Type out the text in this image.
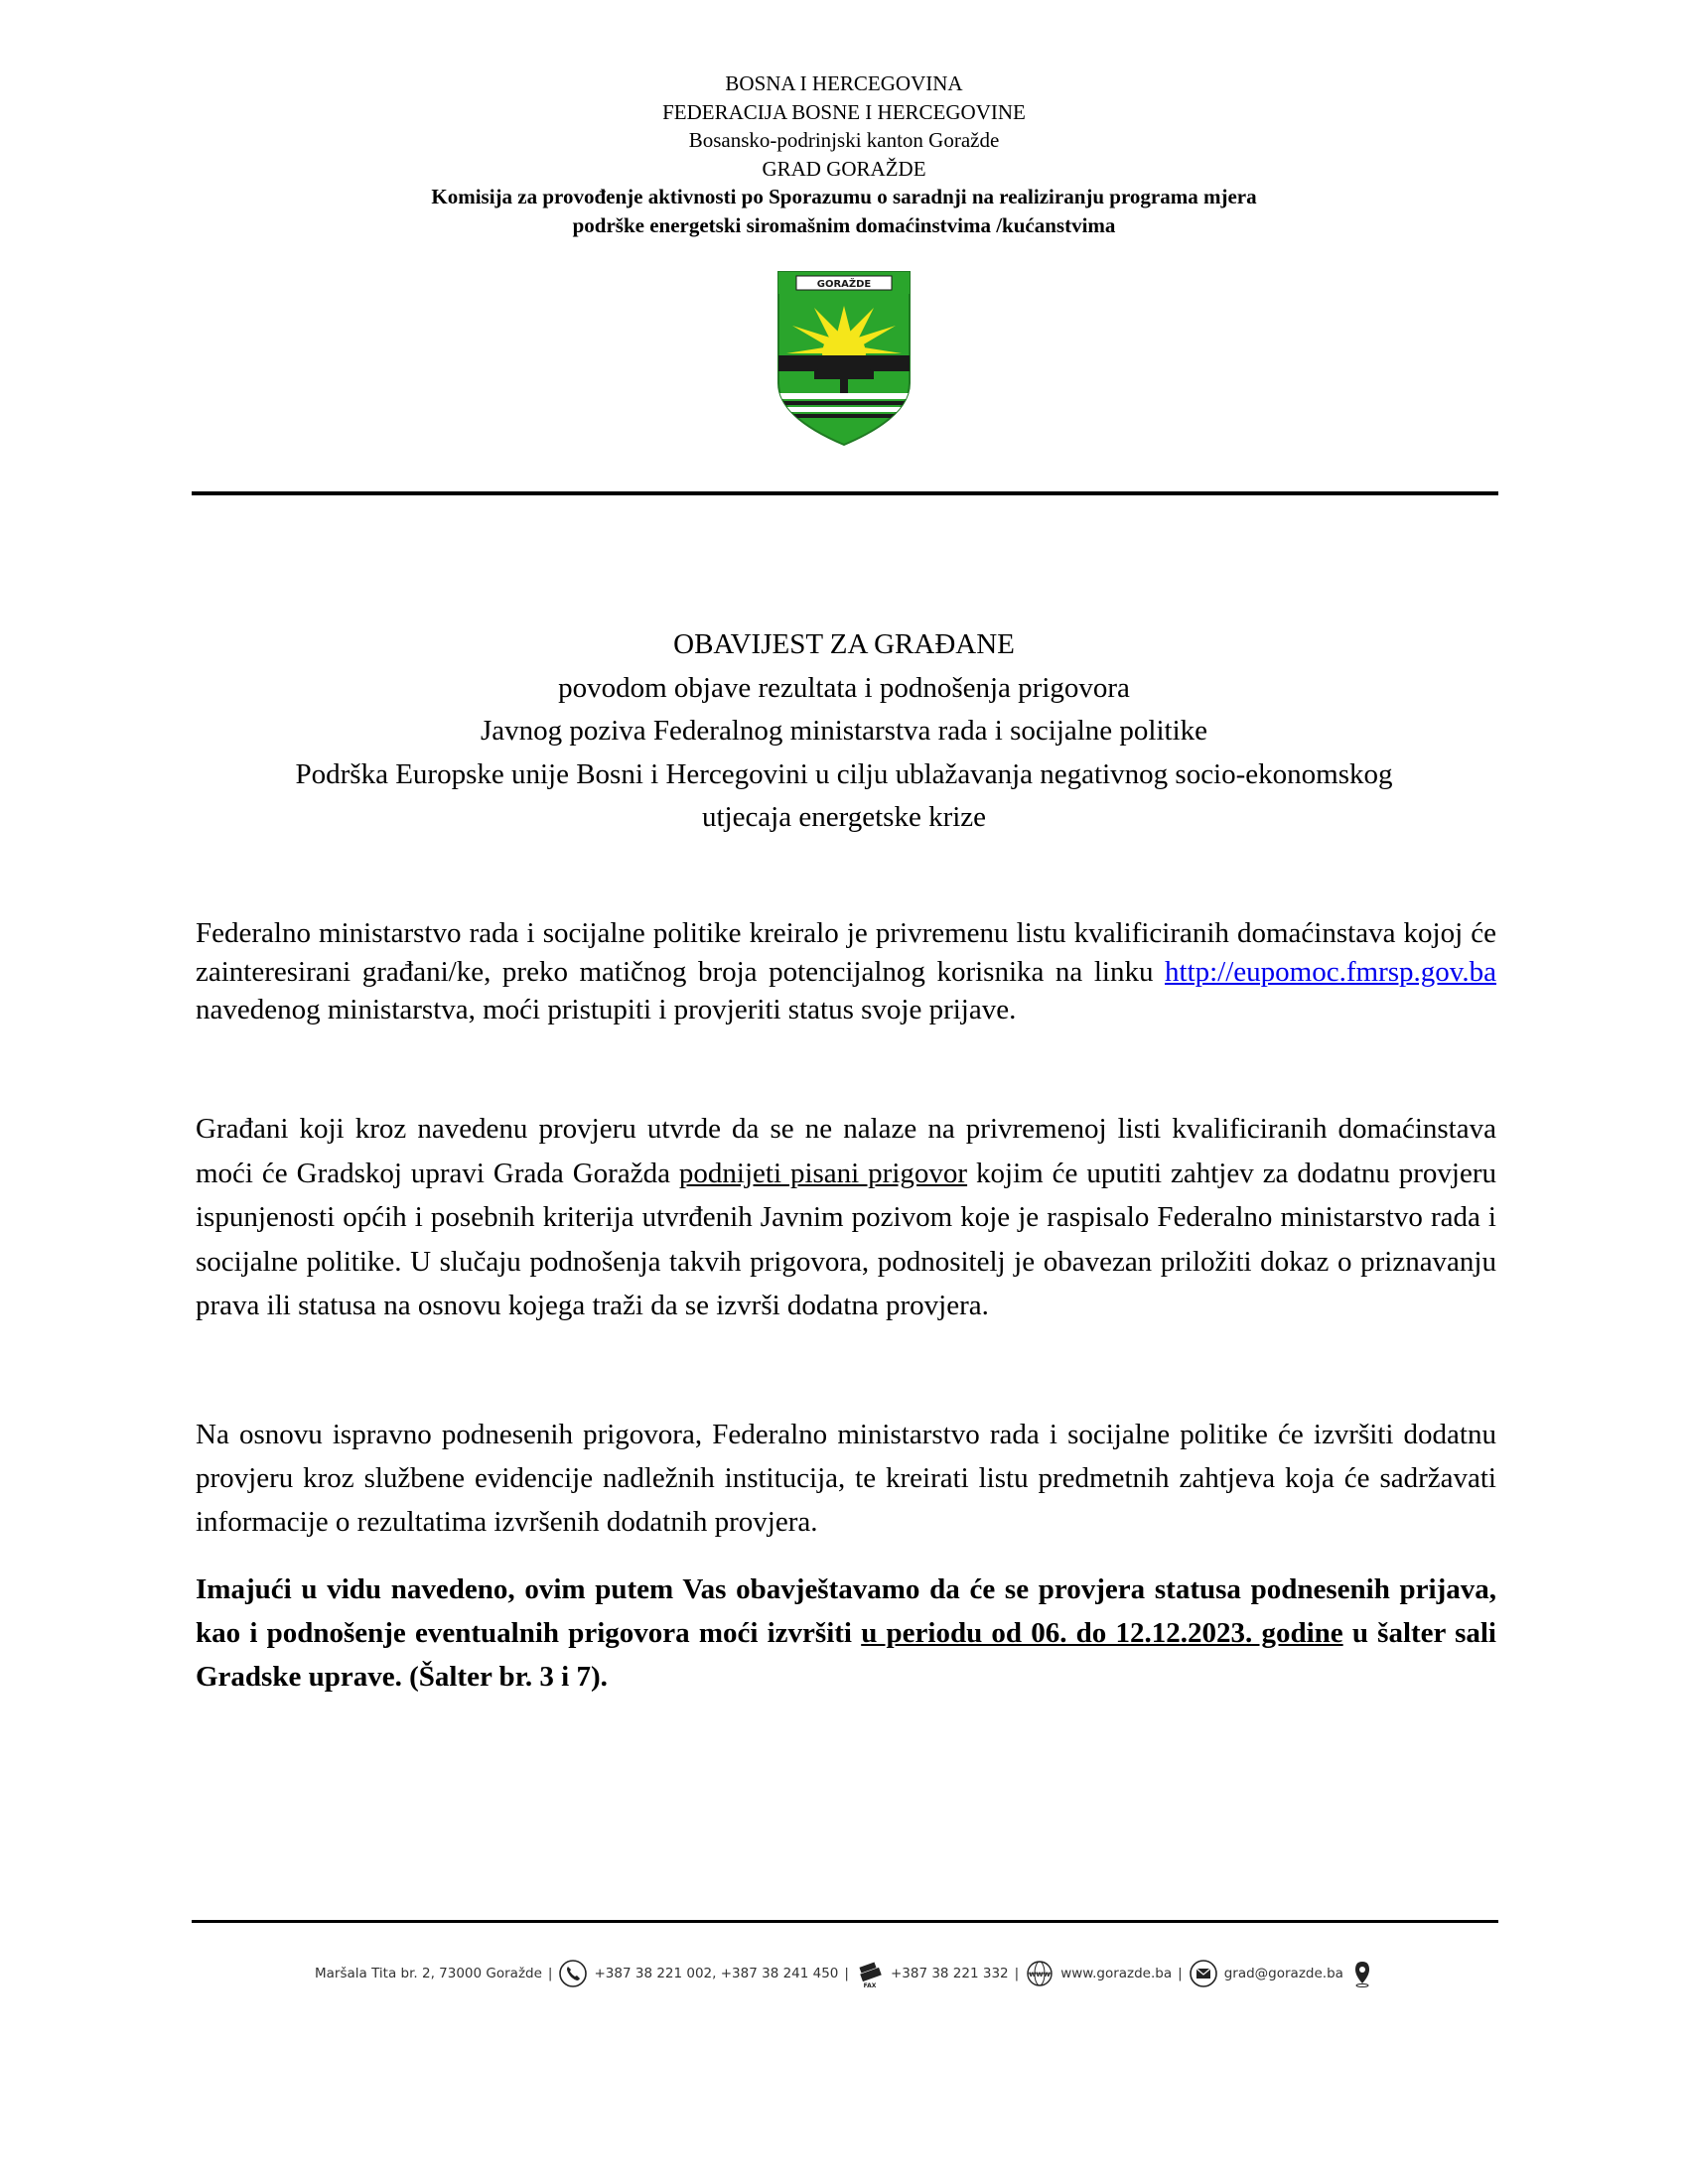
BOSNA I HERCEGOVINA
FEDERACIJA BOSNE I HERCEGOVINE
Bosansko-podrinjski kanton Goražde
GRAD GORAŽDE
Komisija za provođenje aktivnosti po Sporazumu o saradnji na realiziranju programa mjera
podrške energetski siromašnim domaćinstvima /kućanstvima
GORAŽDE
OBAVIJEST ZA GRAĐANE
povodom objave rezultata i podnošenja prigovora
Javnog poziva Federalnog ministarstva rada i socijalne politike
Podrška Europske unije Bosni i Hercegovini u cilju ublažavanja negativnog socio-ekonomskog
utjecaja energetske krize

Federalno ministarstvo rada i socijalne politike kreiralo je privremenu listu kvalificiranih domaćinstava kojoj će zainteresirani građani/ke, preko matičnog broja potencijalnog korisnika na linku http://eupomoc.fmrsp.gov.ba navedenog ministarstva, moći pristupiti i provjeriti status svoje prijave.

Građani koji kroz navedenu provjeru utvrde da se ne nalaze na privremenoj listi kvalificiranih domaćinstava moći će Gradskoj upravi Grada Goražda podnijeti pisani prigovor kojim će uputiti zahtjev za dodatnu provjeru ispunjenosti općih i posebnih kriterija utvrđenih Javnim pozivom koje je raspisalo Federalno ministarstvo rada i socijalne politike. U slučaju podnošenja takvih prigovora, podnositelj je obavezan priložiti dokaz o priznavanju prava ili statusa na osnovu kojega traži da se izvrši dodatna provjera.

Na osnovu ispravno podnesenih prigovora, Federalno ministarstvo rada i socijalne politike će izvršiti dodatnu provjeru kroz službene evidencije nadležnih institucija, te kreirati listu predmetnih zahtjeva koja će sadržavati informacije o rezultatima izvršenih dodatnih provjera.

Imajući u vidu navedeno, ovim putem Vas obavještavamo da će se provjera statusa podnesenih prijava, kao i podnošenje eventualnih prigovora moći izvršiti u periodu od 06. do 12.12.2023. godine u šalter sali Gradske uprave. (Šalter br. 3 i 7).

Maršala Tita br. 2, 73000 Goražde |	+387 38 221 002, +387 38 241 450 |
FAX
+387 38 221 332 | WWW www.gorazde.ba |	grad@gorazde.ba
